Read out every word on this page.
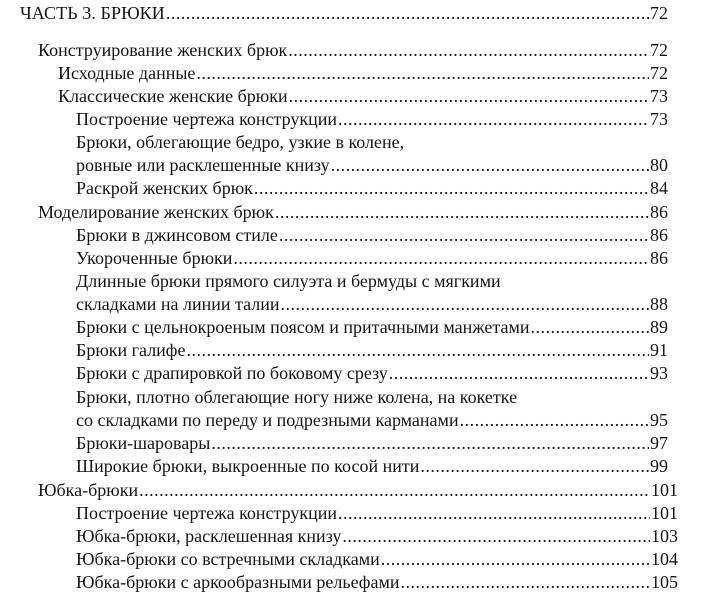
ЧАСТЬ 3. БРЮКИ .....	72
Конструирование женских брюк .....	72
Исходные данные .....	72
Классические женские брюки .....	73
Построение чертежа конструкции .....	73
Брюки, облегающие бедро, узкие в колене,
ровные или расклешенные книзу .....	80
Раскрой женских брюк .....	84
Моделирование женских брюк .....	86
Брюки в джинсовом стиле .....	86
Укороченные брюки .....	86
Длинные брюки прямого силуэта и бермуды с мягкими
складками на линии талии .....	88
Брюки с цельнокроеным поясом и притачными манжетами .....	89
Брюки галифе .....	91
Брюки с драпировкой по боковому срезу .....	93
Брюки, плотно облегающие ногу ниже колена, на кокетке
со складками по переду и подрезными карманами .....	95
Брюки-шаровары .....	97
Широкие брюки, выкроенные по косой нити .....	99
Юбка-брюки .....	101
Построение чертежа конструкции .....	101
Юбка-брюки, расклешенная книзу .....	103
Юбка-брюки со встречными складками .....	104
Юбка-брюки с аркообразными рельефами .....	105
